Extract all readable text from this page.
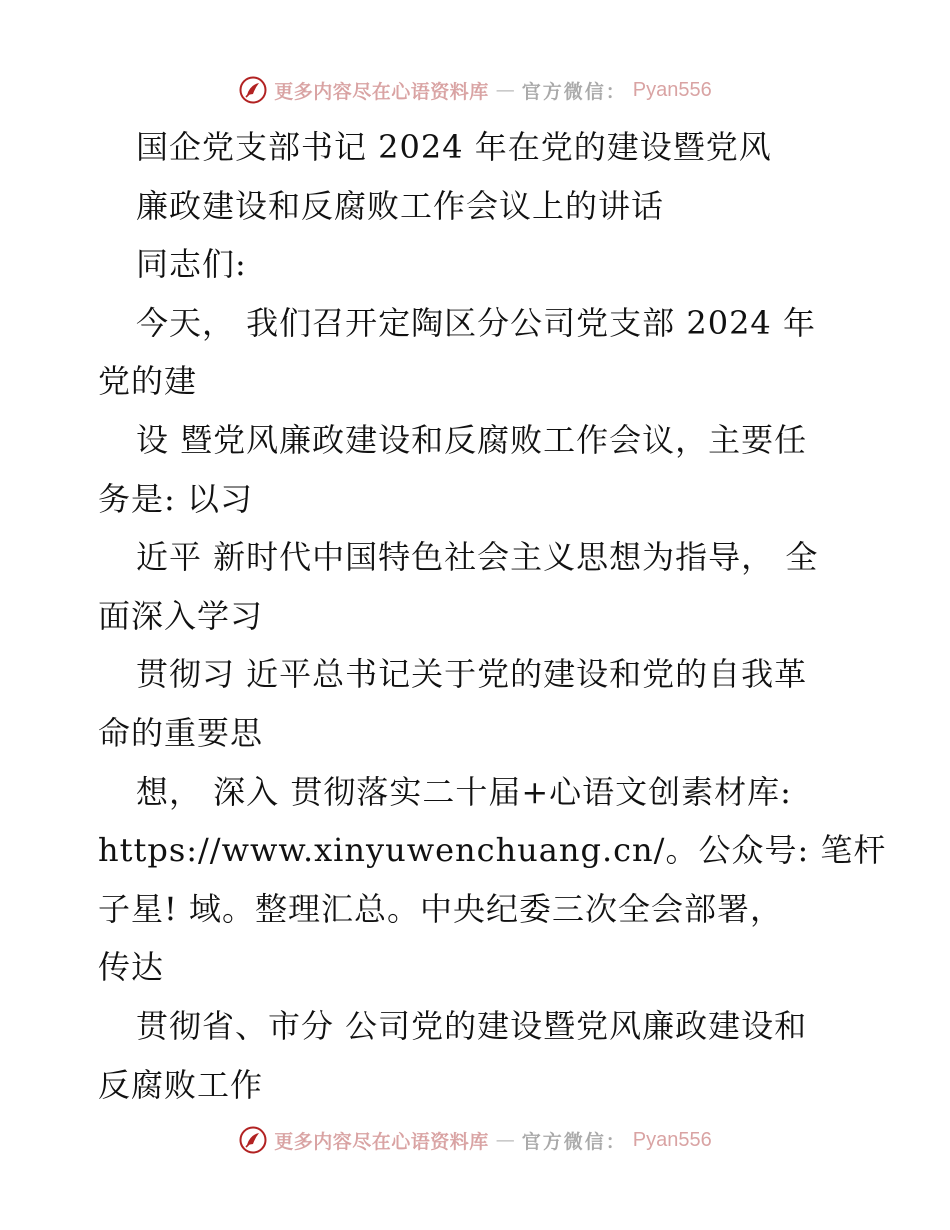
更多内容尽在心语资料库 — 官方微信： Pyan556
国企党支部书记 2024 年在党的建设暨党风
廉政建设和反腐败工作会议上的讲话
同志们:
今天， 我们召开定陶区分公司党支部 2024 年
党的建
设 暨党风廉政建设和反腐败工作会议，主要任
务是: 以习
近平 新时代中国特色社会主义思想为指导， 全
面深入学习
贯彻习 近平总书记关于党的建设和党的自我革
命的重要思
想， 深入 贯彻落实二十届+心语文创素材库:
https://www.xinyuwenchuang.cn/。公众号: 笔杆
子星! 域。整理汇总。中央纪委三次全会部署，
传达
贯彻省、市分 公司党的建设暨党风廉政建设和
反腐败工作
更多内容尽在心语资料库 — 官方微信： Pyan556
